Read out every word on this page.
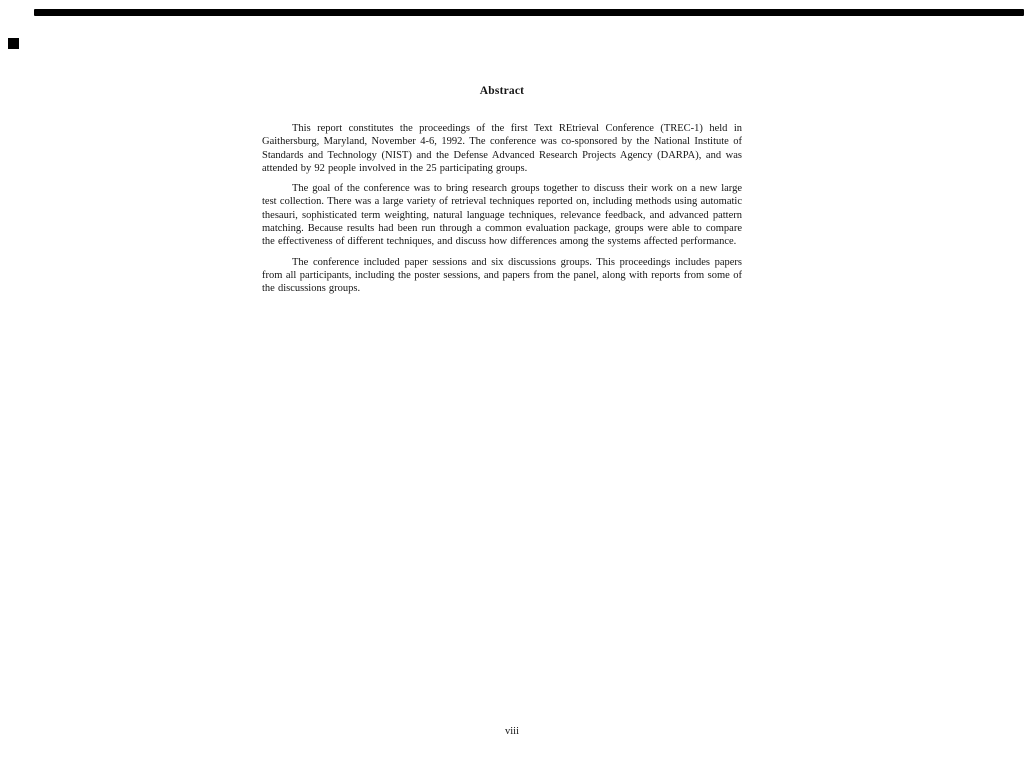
Abstract

This report constitutes the proceedings of the first Text REtrieval Conference (TREC-1) held in Gaithersburg, Maryland, November 4-6, 1992. The conference was co-sponsored by the National Institute of Standards and Technology (NIST) and the Defense Advanced Research Projects Agency (DARPA), and was attended by 92 people involved in the 25 participating groups.

The goal of the conference was to bring research groups together to discuss their work on a new large test collection. There was a large variety of retrieval techniques reported on, including methods using automatic thesauri, sophisticated term weighting, natural language techniques, relevance feedback, and advanced pattern matching. Because results had been run through a common evaluation package, groups were able to compare the effectiveness of different techniques, and discuss how differences among the systems affected performance.

The conference included paper sessions and six discussions groups. This proceedings includes papers from all participants, including the poster sessions, and papers from the panel, along with reports from some of the discussions groups.

viii
